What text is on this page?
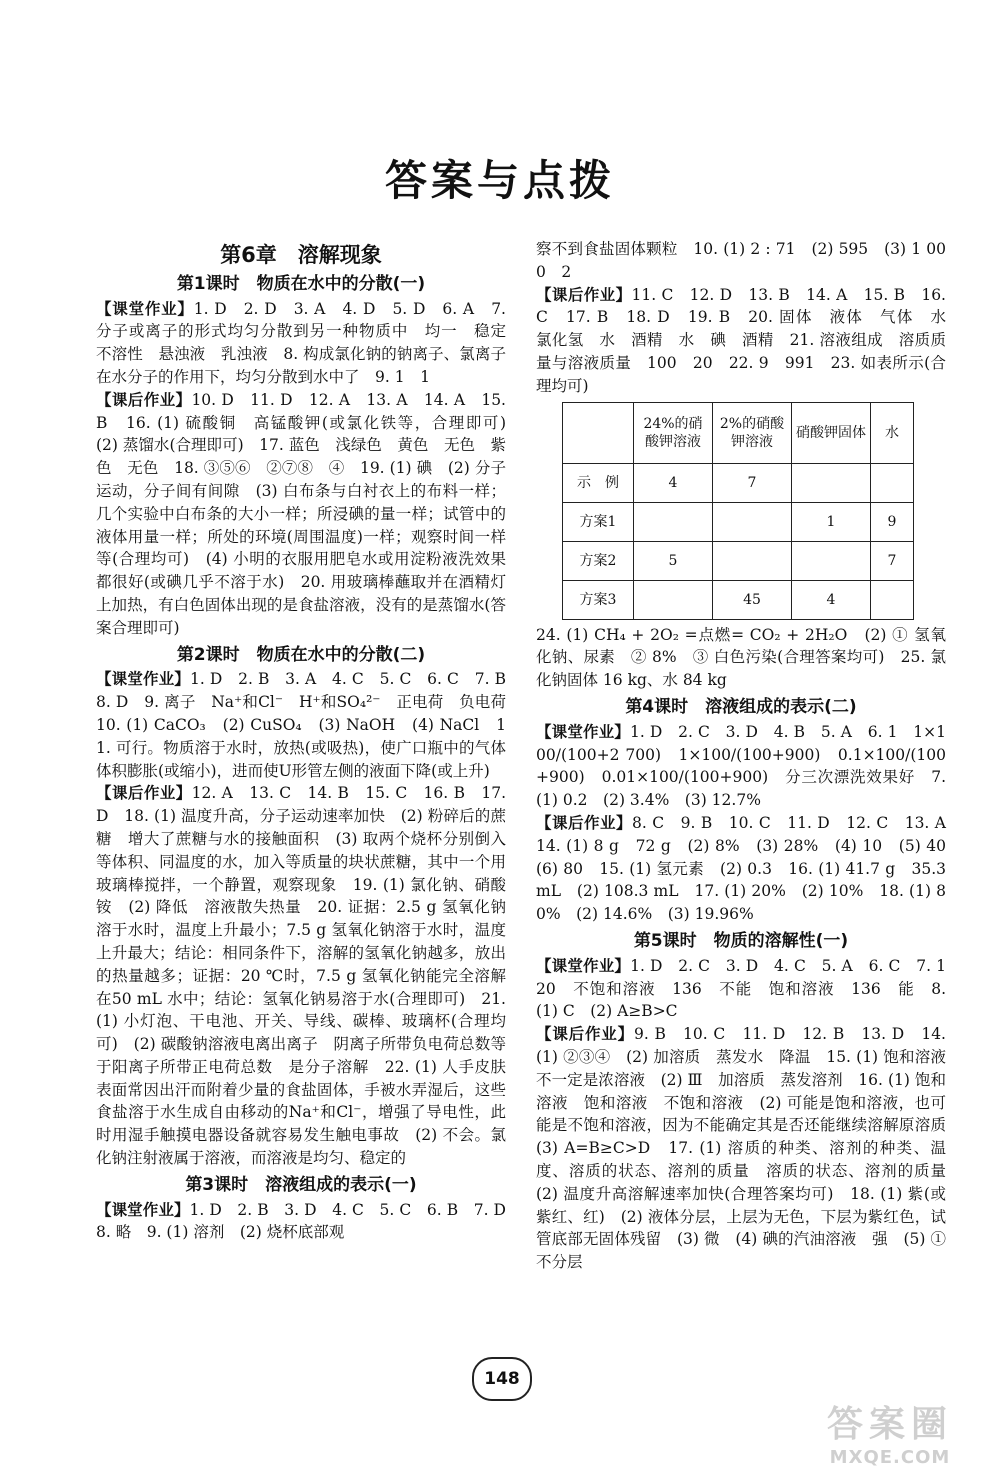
答案与点拨
第6章　溶解现象
第1课时　物质在水中的分散(一)
【课堂作业】1. D　2. D　3. A　4. D　5. D　6. A　7. 分子或离子的形式均匀分散到另一种物质中　均一　稳定　不溶性　悬浊液　乳浊液　8. 构成氯化钠的钠离子、氯离子在水分子的作用下，均匀分散到水中了　9. 1　1
【课后作业】10. D　11. D　12. A　13. A　14. A　15. B　16. (1) 硫酸铜　高锰酸钾(或氯化铁等，合理即可)　(2) 蒸馏水(合理即可)　17. 蓝色　浅绿色　黄色　无色　紫色　无色　18. ③⑤⑥　②⑦⑧　④　19. (1) 碘　(2) 分子运动，分子间有间隙　(3) 白布条与白衬衣上的布料一样；几个实验中白布条的大小一样；所浸碘的量一样；试管中的液体用量一样；所处的环境(周围温度)一样；观察时间一样等(合理均可)　(4) 小明的衣服用肥皂水或用淀粉液洗效果都很好(或碘几乎不溶于水)　20. 用玻璃棒蘸取并在酒精灯上加热，有白色固体出现的是食盐溶液，没有的是蒸馏水(答案合理即可)
第2课时　物质在水中的分散(二)
【课堂作业】1. D　2. B　3. A　4. C　5. C　6. C　7. B　8. D　9. 离子　Na⁺和Cl⁻　H⁺和SO₄²⁻　正电荷　负电荷　10. (1) CaCO₃　(2) CuSO₄　(3) NaOH　(4) NaCl　11. 可行。物质溶于水时，放热(或吸热)，使广口瓶中的气体体积膨胀(或缩小)，进而使U形管左侧的液面下降(或上升)
【课后作业】12. A　13. C　14. B　15. C　16. B　17. D　18. (1) 温度升高，分子运动速率加快　(2) 粉碎后的蔗糖　增大了蔗糖与水的接触面积　(3) 取两个烧杯分别倒入等体积、同温度的水，加入等质量的块状蔗糖，其中一个用玻璃棒搅拌，一个静置，观察现象　19. (1) 氯化钠、硝酸铵　(2) 降低　溶液散失热量　20. 证据：2.5 g 氢氧化钠溶于水时，温度上升最小；7.5 g 氢氧化钠溶于水时，温度上升最大；结论：相同条件下，溶解的氢氧化钠越多，放出的热量越多；证据：20 ℃时，7.5 g 氢氧化钠能完全溶解在50 mL 水中；结论：氢氧化钠易溶于水(合理即可)　21. (1) 小灯泡、干电池、开关、导线、碳棒、玻璃杯(合理均可)　(2) 碳酸钠溶液电离出离子　阴离子所带负电荷总数等于阳离子所带正电荷总数　是分子溶解　22. (1) 人手皮肤表面常因出汗而附着少量的食盐固体，手被水弄湿后，这些食盐溶于水生成自由移动的Na⁺和Cl⁻，增强了导电性，此时用湿手触摸电器设备就容易发生触电事故　(2) 不会。氯化钠注射液属于溶液，而溶液是均匀、稳定的
第3课时　溶液组成的表示(一)
【课堂作业】1. D　2. B　3. D　4. C　5. C　6. B　7. D　8. 略　9. (1) 溶剂　(2) 烧杯底部观
察不到食盐固体颗粒　10. (1) 2 : 71　(2) 595　(3) 1 000　2
【课后作业】11. C　12. D　13. B　14. A　15. B　16. C　17. B　18. D　19. B　20. 固体　液体　气体　水　氯化氢　水　酒精　水　碘　酒精　21. 溶液组成　溶质质量与溶液质量　100　20　22. 9　991　23. 如表所示(合理均可)
	24%的硝酸钾溶液	2%的硝酸钾溶液	硝酸钾固体	水
示　例	4	7		
方案1			1	9
方案2	5			7
方案3		45	4	
24. (1) CH₄ + 2O₂ =点燃= CO₂ + 2H₂O　(2) ① 氢氧化钠、尿素　② 8%　③ 白色污染(合理答案均可)　25. 氯化钠固体 16 kg、水 84 kg
第4课时　溶液组成的表示(二)
【课堂作业】1. D　2. C　3. D　4. B　5. A　6. 1　1×100/(100+2 700)　1×100/(100+900)　0.1×100/(100+900)　0.01×100/(100+900)　分三次漂洗效果好　7. (1) 0.2　(2) 3.4%　(3) 12.7%
【课后作业】8. C　9. B　10. C　11. D　12. C　13. A　14. (1) 8 g　72 g　(2) 8%　(3) 28%　(4) 10　(5) 40　(6) 80　15. (1) 氢元素　(2) 0.3　16. (1) 41.7 g　35.3 mL　(2) 108.3 mL　17. (1) 20%　(2) 10%　18. (1) 80%　(2) 14.6%　(3) 19.96%
第5课时　物质的溶解性(一)
【课堂作业】1. D　2. C　3. D　4. C　5. A　6. C　7. 120　不饱和溶液　136　不能　饱和溶液　136　能　8. (1) C　(2) A≥B>C
【课后作业】9. B　10. C　11. D　12. B　13. D　14. (1) ②③④　(2) 加溶质　蒸发水　降温　15. (1) 饱和溶液不一定是浓溶液　(2) Ⅲ　加溶质　蒸发溶剂　16. (1) 饱和溶液　饱和溶液　不饱和溶液　(2) 可能是饱和溶液，也可能是不饱和溶液，因为不能确定其是否还能继续溶解原溶质　(3) A=B≥C>D　17. (1) 溶质的种类、溶剂的种类、温度、溶质的状态、溶剂的质量　溶质的状态、溶剂的质量　(2) 温度升高溶解速率加快(合理答案均可)　18. (1) 紫(或紫红、红)　(2) 液体分层，上层为无色，下层为紫红色，试管底部无固体残留　(3) 微　(4) 碘的汽油溶液　强　(5) ① 不分层
148
答案圈
MXQE.COM
